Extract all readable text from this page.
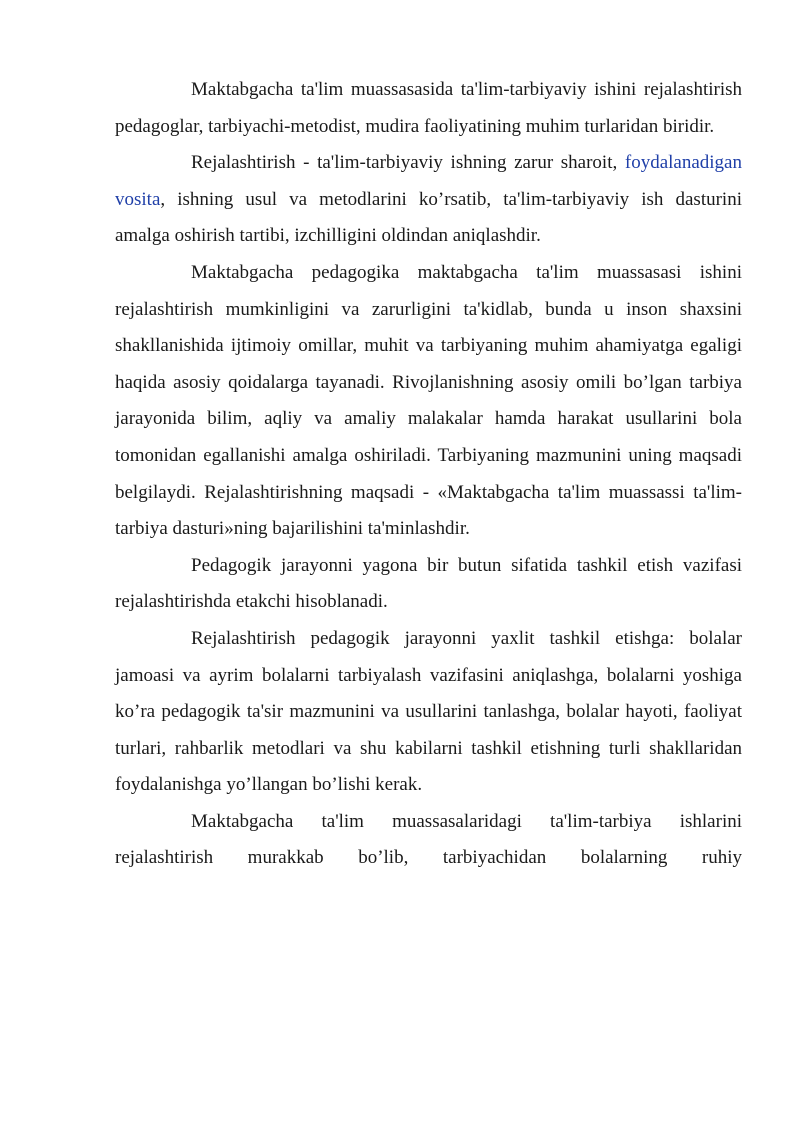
Maktabgacha ta'lim muassasasida ta'lim-tarbiyaviy ishini rejalashtirish pedagoglar, tarbiyachi-metodist, mudira faoliyatining muhim turlaridan biridir.

Rejalashtirish - ta'lim-tarbiyaviy ishning zarur sharoit, foydalanadigan vosita, ishning usul va metodlarini ko’rsatib, ta'lim-tarbiyaviy ish dasturini amalga oshirish tartibi, izchilligini oldindan aniqlashdir.

Maktabgacha pedagogika maktabgacha ta'lim muassasasi ishini rejalashtirish mumkinligini va zarurligini ta'kidlab, bunda u inson shaxsini shakllanishida ijtimoiy omillar, muhit va tarbiyaning muhim ahamiyatga egaligi haqida asosiy qoidalarga tayanadi. Rivojlanishning asosiy omili bo’lgan tarbiya jarayonida bilim, aqliy va amaliy malakalar hamda harakat usullarini bola tomonidan egallanishi amalga oshiriladi. Tarbiyaning mazmunini uning maqsadi belgilaydi. Rejalashtirishning maqsadi - «Maktabgacha ta'lim muassassi ta'lim-tarbiya dasturi»ning bajarilishini ta'minlashdir.

Pedagogik jarayonni yagona bir butun sifatida tashkil etish vazifasi rejalashtirishda etakchi hisoblanadi.

Rejalashtirish pedagogik jarayonni yaxlit tashkil etishga: bolalar jamoasi va ayrim bolalarni tarbiyalash vazifasini aniqlashga, bolalarni yoshiga ko’ra pedagogik ta'sir mazmunini va usullarini tanlashga, bolalar hayoti, faoliyat turlari, rahbarlik metodlari va shu kabilarni tashkil etishning turli shakllaridan foydalanishga yo’llangan bo’lishi kerak.

Maktabgacha ta'lim muassasalaridagi ta'lim-tarbiya ishlarini rejalashtirish murakkab bo’lib, tarbiyachidan bolalarning ruhiy
